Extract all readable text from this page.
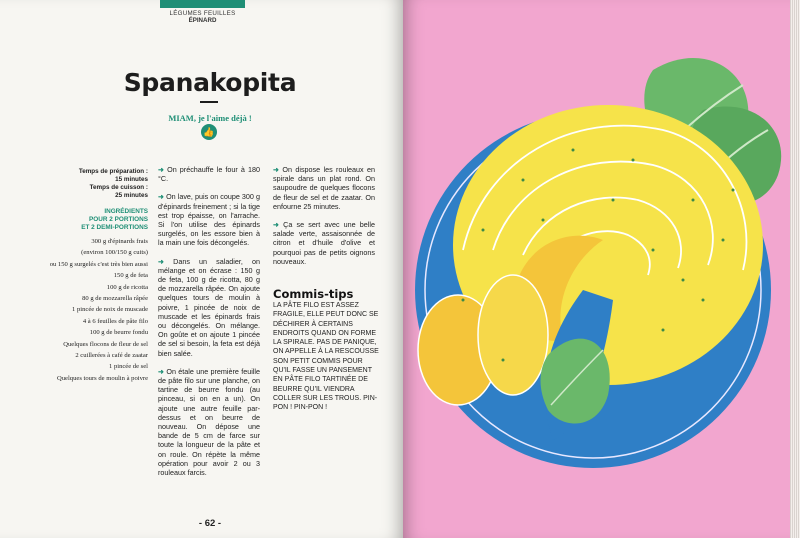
LÉGUMES FEUILLES
ÉPINARD
Spanakopita
MIAM, je l'aime déjà !
👍
Temps de préparation :
15 minutes
Temps de cuisson :
25 minutes
INGRÉDIENTS
POUR 2 PORTIONS
ET 2 DEMI-PORTIONS
300 g d'épinards frais
(environ 100/150 g cuits)
ou 150 g surgelés c'est très bien aussi
150 g de feta
100 g de ricotta
80 g de mozzarella râpée
1 pincée de noix de muscade
4 à 6 feuilles de pâte filo
100 g de beurre fondu
Quelques flocons de fleur de sel
2 cuillerées à café de zaatar
1 pincée de sel
Quelques tours de moulin à poivre

➜ On préchauffe le four à 180 °C.

➜ On lave, puis on coupe 300 g d'épinards freinement ; si la tige est trop épaisse, on l'arrache. Si l'on utilise des épinards surgelés, on les essore bien à la main une fois décongelés.

➜ Dans un saladier, on mélange et on écrase : 150 g de feta, 100 g de ricotta, 80 g de mozzarella râpée. On ajoute quelques tours de moulin à poivre, 1 pincée de noix de muscade et les épinards frais ou décongelés. On mélange. On goûte et on ajoute 1 pincée de sel si besoin, la feta est déjà bien salée.

➜ On étale une première feuille de pâte filo sur une planche, on tartine de beurre fondu (au pinceau, si on en a un). On ajoute une autre feuille par-dessus et on beurre de nouveau. On dépose une bande de 5 cm de farce sur toute la longueur de la pâte et on roule. On répète la même opération pour avoir 2 ou 3 rouleaux farcis.

➜ On dispose les rouleaux en spirale dans un plat rond. On saupoudre de quelques flocons de fleur de sel et de zaatar. On enfourne 25 minutes.

➜ Ça se sert avec une belle salade verte, assaisonnée de citron et d'huile d'olive et pourquoi pas de petits oignons nouveaux.

Commis-tips
LA PÂTE FILO EST ASSEZ FRAGILE, ELLE PEUT DONC SE DÉCHIRER À CERTAINS ENDROITS QUAND ON FORME LA SPIRALE. PAS DE PANIQUE, ON APPELLE À LA RESCOUSSE SON PETIT COMMIS POUR QU'IL FASSE UN PANSEMENT EN PÂTE FILO TARTINÉE DE BEURRE QU'IL VIENDRA COLLER SUR LES TROUS. PIN-PON ! PIN-PON !
- 62 -
